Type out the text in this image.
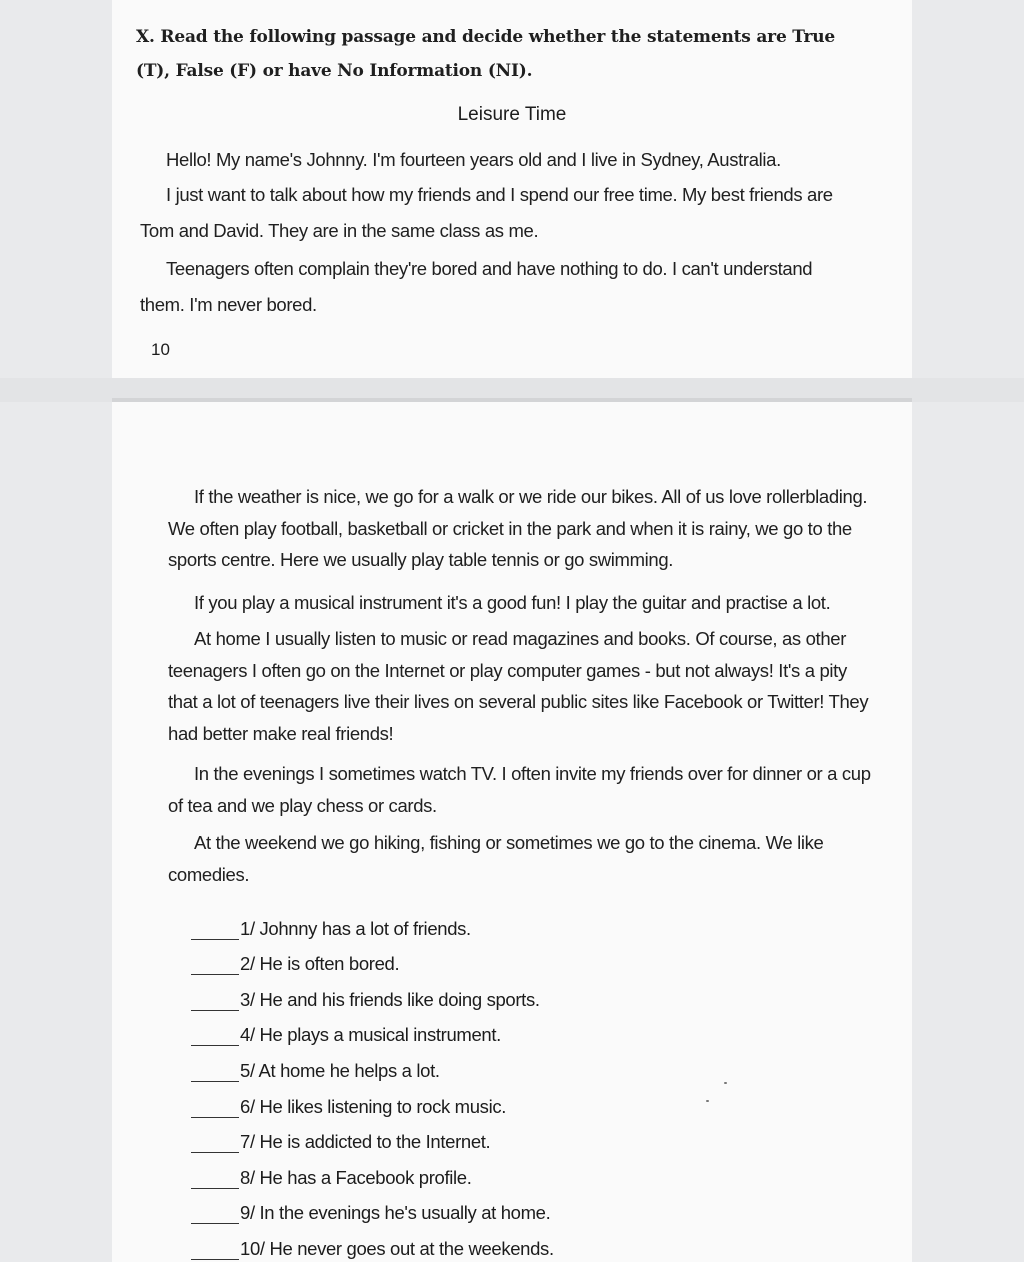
X. Read the following passage and decide whether the statements are True (T), False (F) or have No Information (NI).

Leisure Time

Hello! My name's Johnny. I'm fourteen years old and I live in Sydney, Australia.

I just want to talk about how my friends and I spend our free time. My best friends are Tom and David. They are in the same class as me.

Teenagers often complain they're bored and have nothing to do. I can't understand them. I'm never bored.

10

If the weather is nice, we go for a walk or we ride our bikes. All of us love rollerblading. We often play football, basketball or cricket in the park and when it is rainy, we go to the sports centre. Here we usually play table tennis or go swimming.

If you play a musical instrument it's a good fun! I play the guitar and practise a lot.

At home I usually listen to music or read magazines and books. Of course, as other teenagers I often go on the Internet or play computer games - but not always! It's a pity that a lot of teenagers live their lives on several public sites like Facebook or Twitter! They had better make real friends!

In the evenings I sometimes watch TV. I often invite my friends over for dinner or a cup of tea and we play chess or cards.

At the weekend we go hiking, fishing or sometimes we go to the cinema. We like comedies.

1/ Johnny has a lot of friends.
2/ He is often bored.
3/ He and his friends like doing sports.
4/ He plays a musical instrument.
5/ At home he helps a lot.
6/ He likes listening to rock music.
7/ He is addicted to the Internet.
8/ He has a Facebook profile.
9/ In the evenings he's usually at home.
10/ He never goes out at the weekends.
